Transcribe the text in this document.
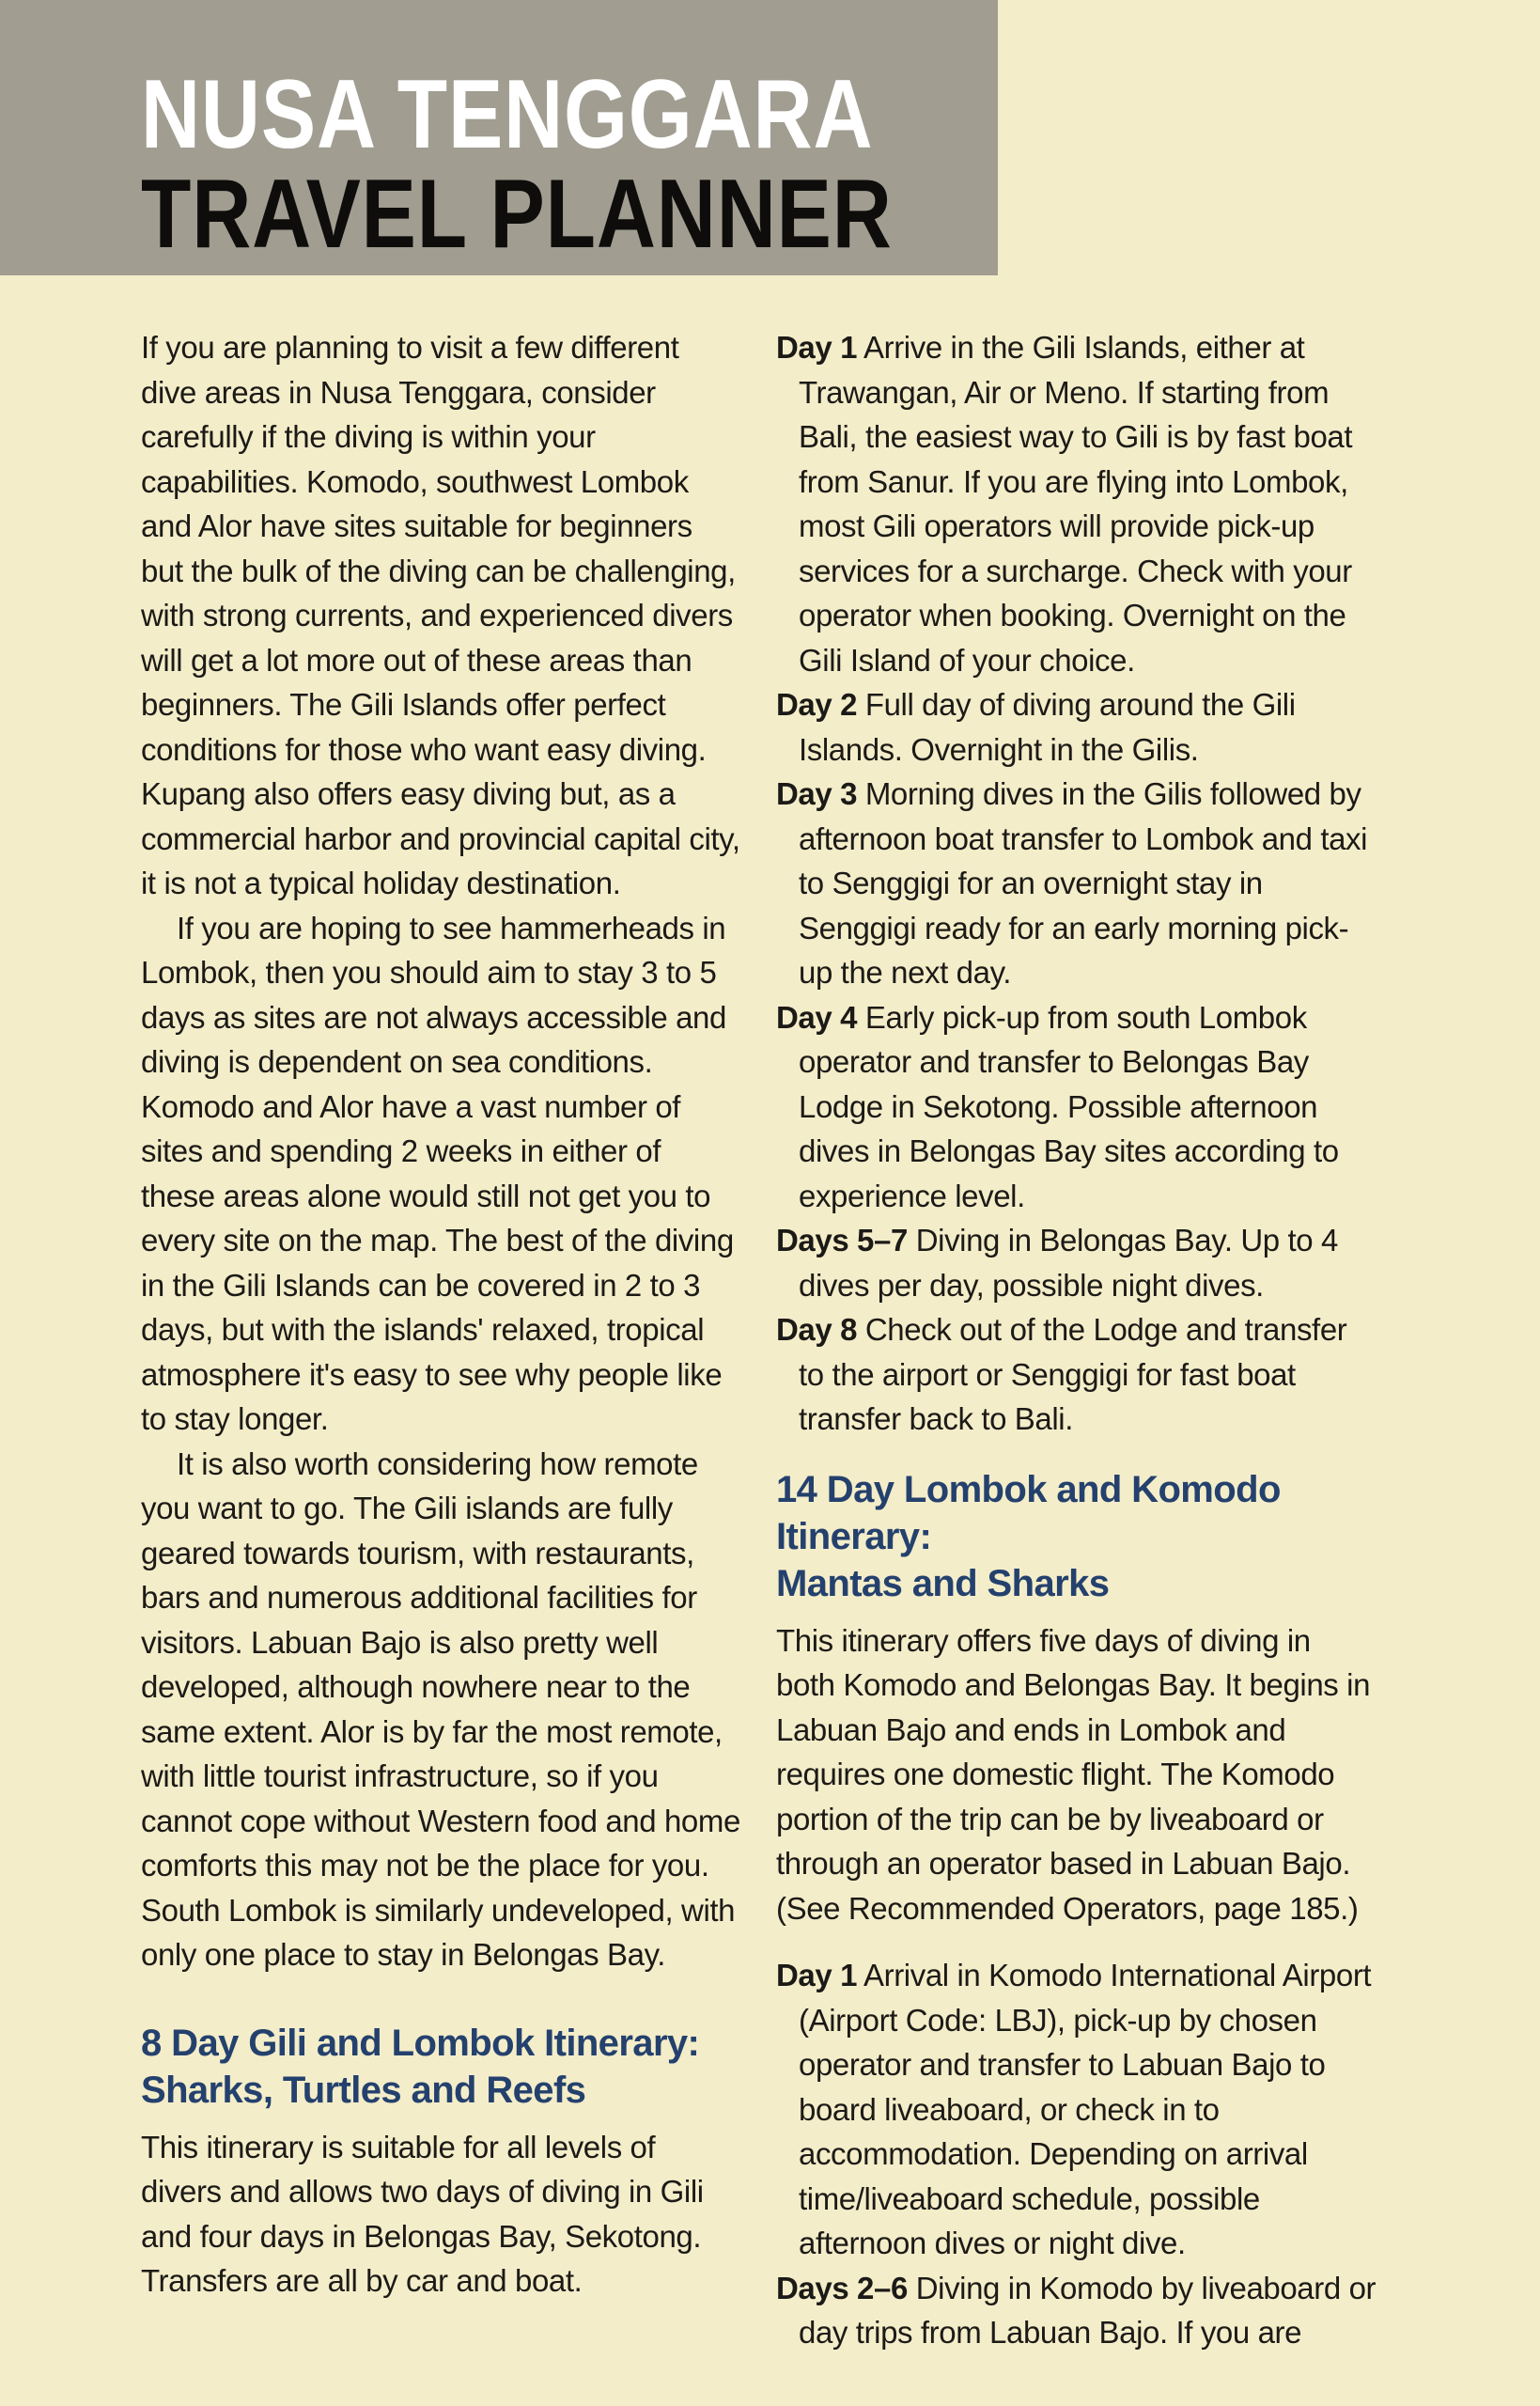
NUSA TENGGARA
TRAVEL PLANNER

If you are planning to visit a few different dive areas in Nusa Tenggara, consider carefully if the diving is within your capabilities. Komodo, southwest Lombok and Alor have sites suitable for beginners but the bulk of the diving can be challenging, with strong currents, and experienced divers will get a lot more out of these areas than beginners. The Gili Islands offer perfect conditions for those who want easy diving. Kupang also offers easy diving but, as a commercial harbor and provincial capital city, it is not a typical holiday destination.

If you are hoping to see hammerheads in Lombok, then you should aim to stay 3 to 5 days as sites are not always accessible and diving is dependent on sea conditions. Komodo and Alor have a vast number of sites and spending 2 weeks in either of these areas alone would still not get you to every site on the map. The best of the diving in the Gili Islands can be covered in 2 to 3 days, but with the islands' relaxed, tropical atmosphere it's easy to see why people like to stay longer.

It is also worth considering how remote you want to go. The Gili islands are fully geared towards tourism, with restaurants, bars and numerous additional facilities for visitors. Labuan Bajo is also pretty well developed, although nowhere near to the same extent. Alor is by far the most remote, with little tourist infrastructure, so if you cannot cope without Western food and home comforts this may not be the place for you. South Lombok is similarly undeveloped, with only one place to stay in Belongas Bay.

8 Day Gili and Lombok Itinerary:
Sharks, Turtles and Reefs

This itinerary is suitable for all levels of divers and allows two days of diving in Gili and four days in Belongas Bay, Sekotong. Transfers are all by car and boat.

Day 1 Arrive in the Gili Islands, either at Trawangan, Air or Meno. If starting from Bali, the easiest way to Gili is by fast boat from Sanur. If you are flying into Lombok, most Gili operators will provide pick-up services for a surcharge. Check with your operator when booking. Overnight on the Gili Island of your choice.

Day 2 Full day of diving around the Gili Islands. Overnight in the Gilis.

Day 3 Morning dives in the Gilis followed by afternoon boat transfer to Lombok and taxi to Senggigi for an overnight stay in Senggigi ready for an early morning pick-up the next day.

Day 4 Early pick-up from south Lombok operator and transfer to Belongas Bay Lodge in Sekotong. Possible afternoon dives in Belongas Bay sites according to experience level.

Days 5–7 Diving in Belongas Bay. Up to 4 dives per day, possible night dives.

Day 8 Check out of the Lodge and transfer to the airport or Senggigi for fast boat transfer back to Bali.

14 Day Lombok and Komodo Itinerary:
Mantas and Sharks

This itinerary offers five days of diving in both Komodo and Belongas Bay. It begins in Labuan Bajo and ends in Lombok and requires one domestic flight. The Komodo portion of the trip can be by liveaboard or through an operator based in Labuan Bajo. (See Recommended Operators, page 185.)

Day 1 Arrival in Komodo International Airport (Airport Code: LBJ), pick-up by chosen operator and transfer to Labuan Bajo to board liveaboard, or check in to accommodation. Depending on arrival time/liveaboard schedule, possible afternoon dives or night dive.

Days 2–6 Diving in Komodo by liveaboard or day trips from Labuan Bajo. If you are
